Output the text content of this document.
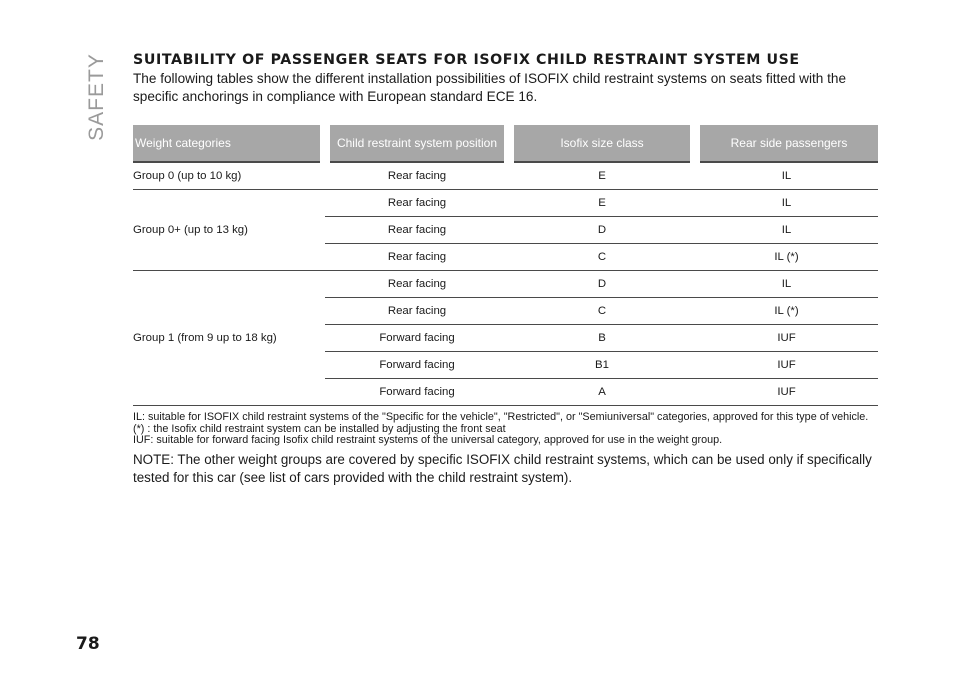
SAFETY SUITABILITY OF PASSENGER SEATS FOR ISOFIX CHILD RESTRAINT SYSTEM USE

The following tables show the different installation possibilities of ISOFIX child restraint systems on seats fitted with the specific anchorings in compliance with European standard ECE 16.

Weight categories	Child restraint system position	Isofix size class	Rear side passengers
Group 0 (up to 10 kg)	Rear facing	E	IL
Group 0+ (up to 13 kg)	Rear facing	E	IL
	Rear facing	D	IL
	Rear facing	C	IL (*)
Group 1 (from 9 up to 18 kg)	Rear facing	D	IL
	Rear facing	C	IL (*)
	Forward facing	B	IUF
	Forward facing	B1	IUF
	Forward facing	A	IUF

IL: suitable for ISOFIX child restraint systems of the "Specific for the vehicle", "Restricted", or "Semiuniversal" categories, approved for this type of vehicle.

(*) : the Isofix child restraint system can be installed by adjusting the front seat

IUF: suitable for forward facing Isofix child restraint systems of the universal category, approved for use in the weight group.

NOTE: The other weight groups are covered by specific ISOFIX child restraint systems, which can be used only if specifically tested for this car (see list of cars provided with the child restraint system).

78
